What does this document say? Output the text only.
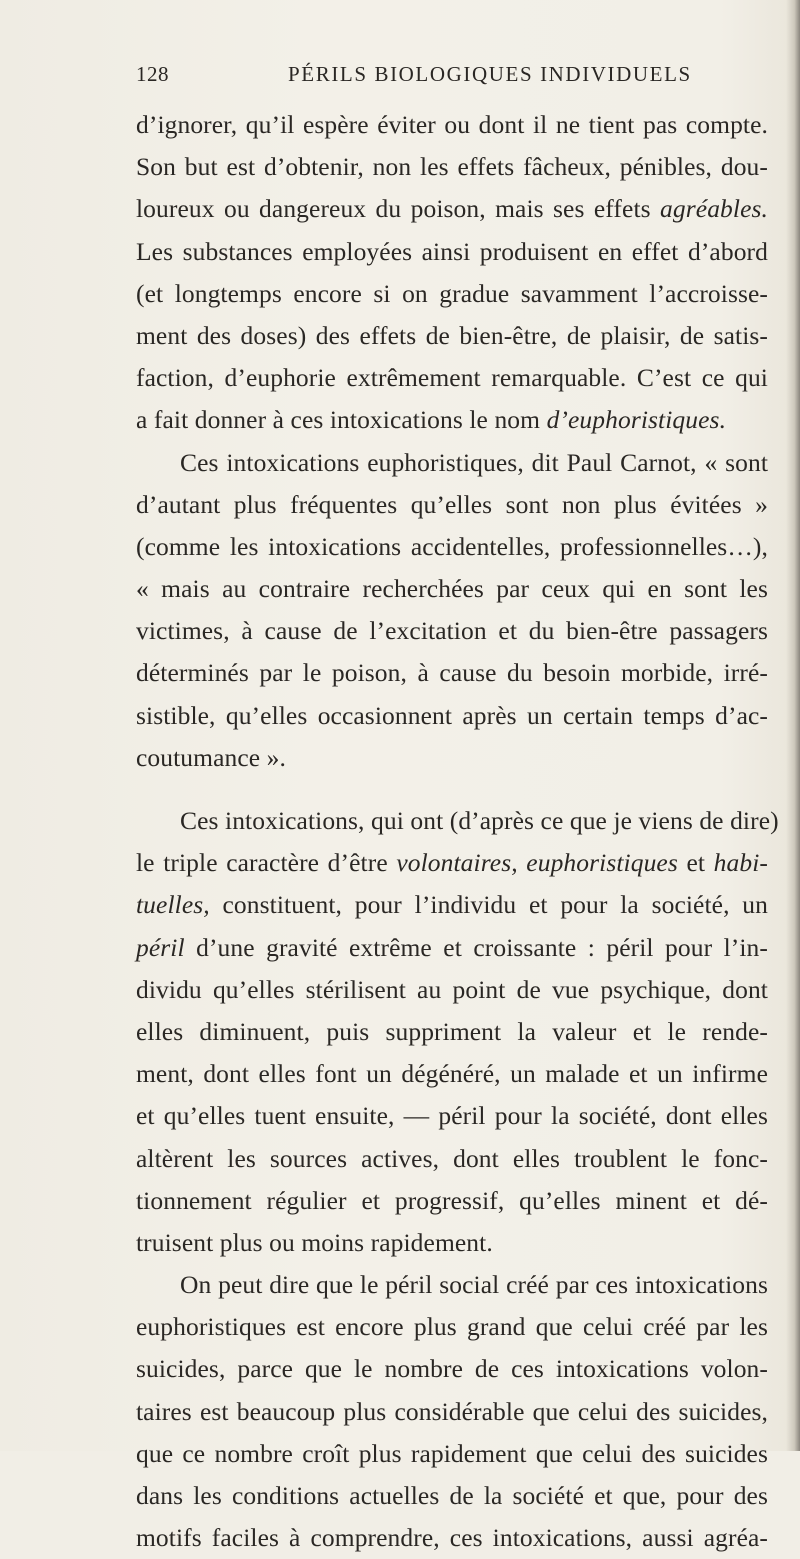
128	PÉRILS BIOLOGIQUES INDIVIDUELS
d’ignorer, qu’il espère éviter ou dont il ne tient pas compte.
Son but est d’obtenir, non les effets fâcheux, pénibles, dou-
loureux ou dangereux du poison, mais ses effets agréables.
Les substances employées ainsi produisent en effet d’abord
(et longtemps encore si on gradue savamment l’accroisse-
ment des doses) des effets de bien-être, de plaisir, de satis-
faction, d’euphorie extrêmement remarquable. C’est ce qui
a fait donner à ces intoxications le nom d’euphoristiques.
Ces intoxications euphoristiques, dit Paul Carnot, « sont
d’autant plus fréquentes qu’elles sont non plus évitées »
(comme les intoxications accidentelles, professionnelles…),
« mais au contraire recherchées par ceux qui en sont les
victimes, à cause de l’excitation et du bien-être passagers
déterminés par le poison, à cause du besoin morbide, irré-
sistible, qu’elles occasionnent après un certain temps d’ac-
coutumance ».
Ces intoxications, qui ont (d’après ce que je viens de dire)
le triple caractère d’être volontaires, euphoristiques et habi-
tuelles, constituent, pour l’individu et pour la société, un
péril d’une gravité extrême et croissante : péril pour l’in-
dividu qu’elles stérilisent au point de vue psychique, dont
elles diminuent, puis suppriment la valeur et le rende-
ment, dont elles font un dégénéré, un malade et un infirme
et qu’elles tuent ensuite, — péril pour la société, dont elles
altèrent les sources actives, dont elles troublent le fonc-
tionnement régulier et progressif, qu’elles minent et dé-
truisent plus ou moins rapidement.
On peut dire que le péril social créé par ces intoxications
euphoristiques est encore plus grand que celui créé par les
suicides, parce que le nombre de ces intoxications volon-
taires est beaucoup plus considérable que celui des suicides,
que ce nombre croît plus rapidement que celui des suicides
dans les conditions actuelles de la société et que, pour des
motifs faciles à comprendre, ces intoxications, aussi agréa-
